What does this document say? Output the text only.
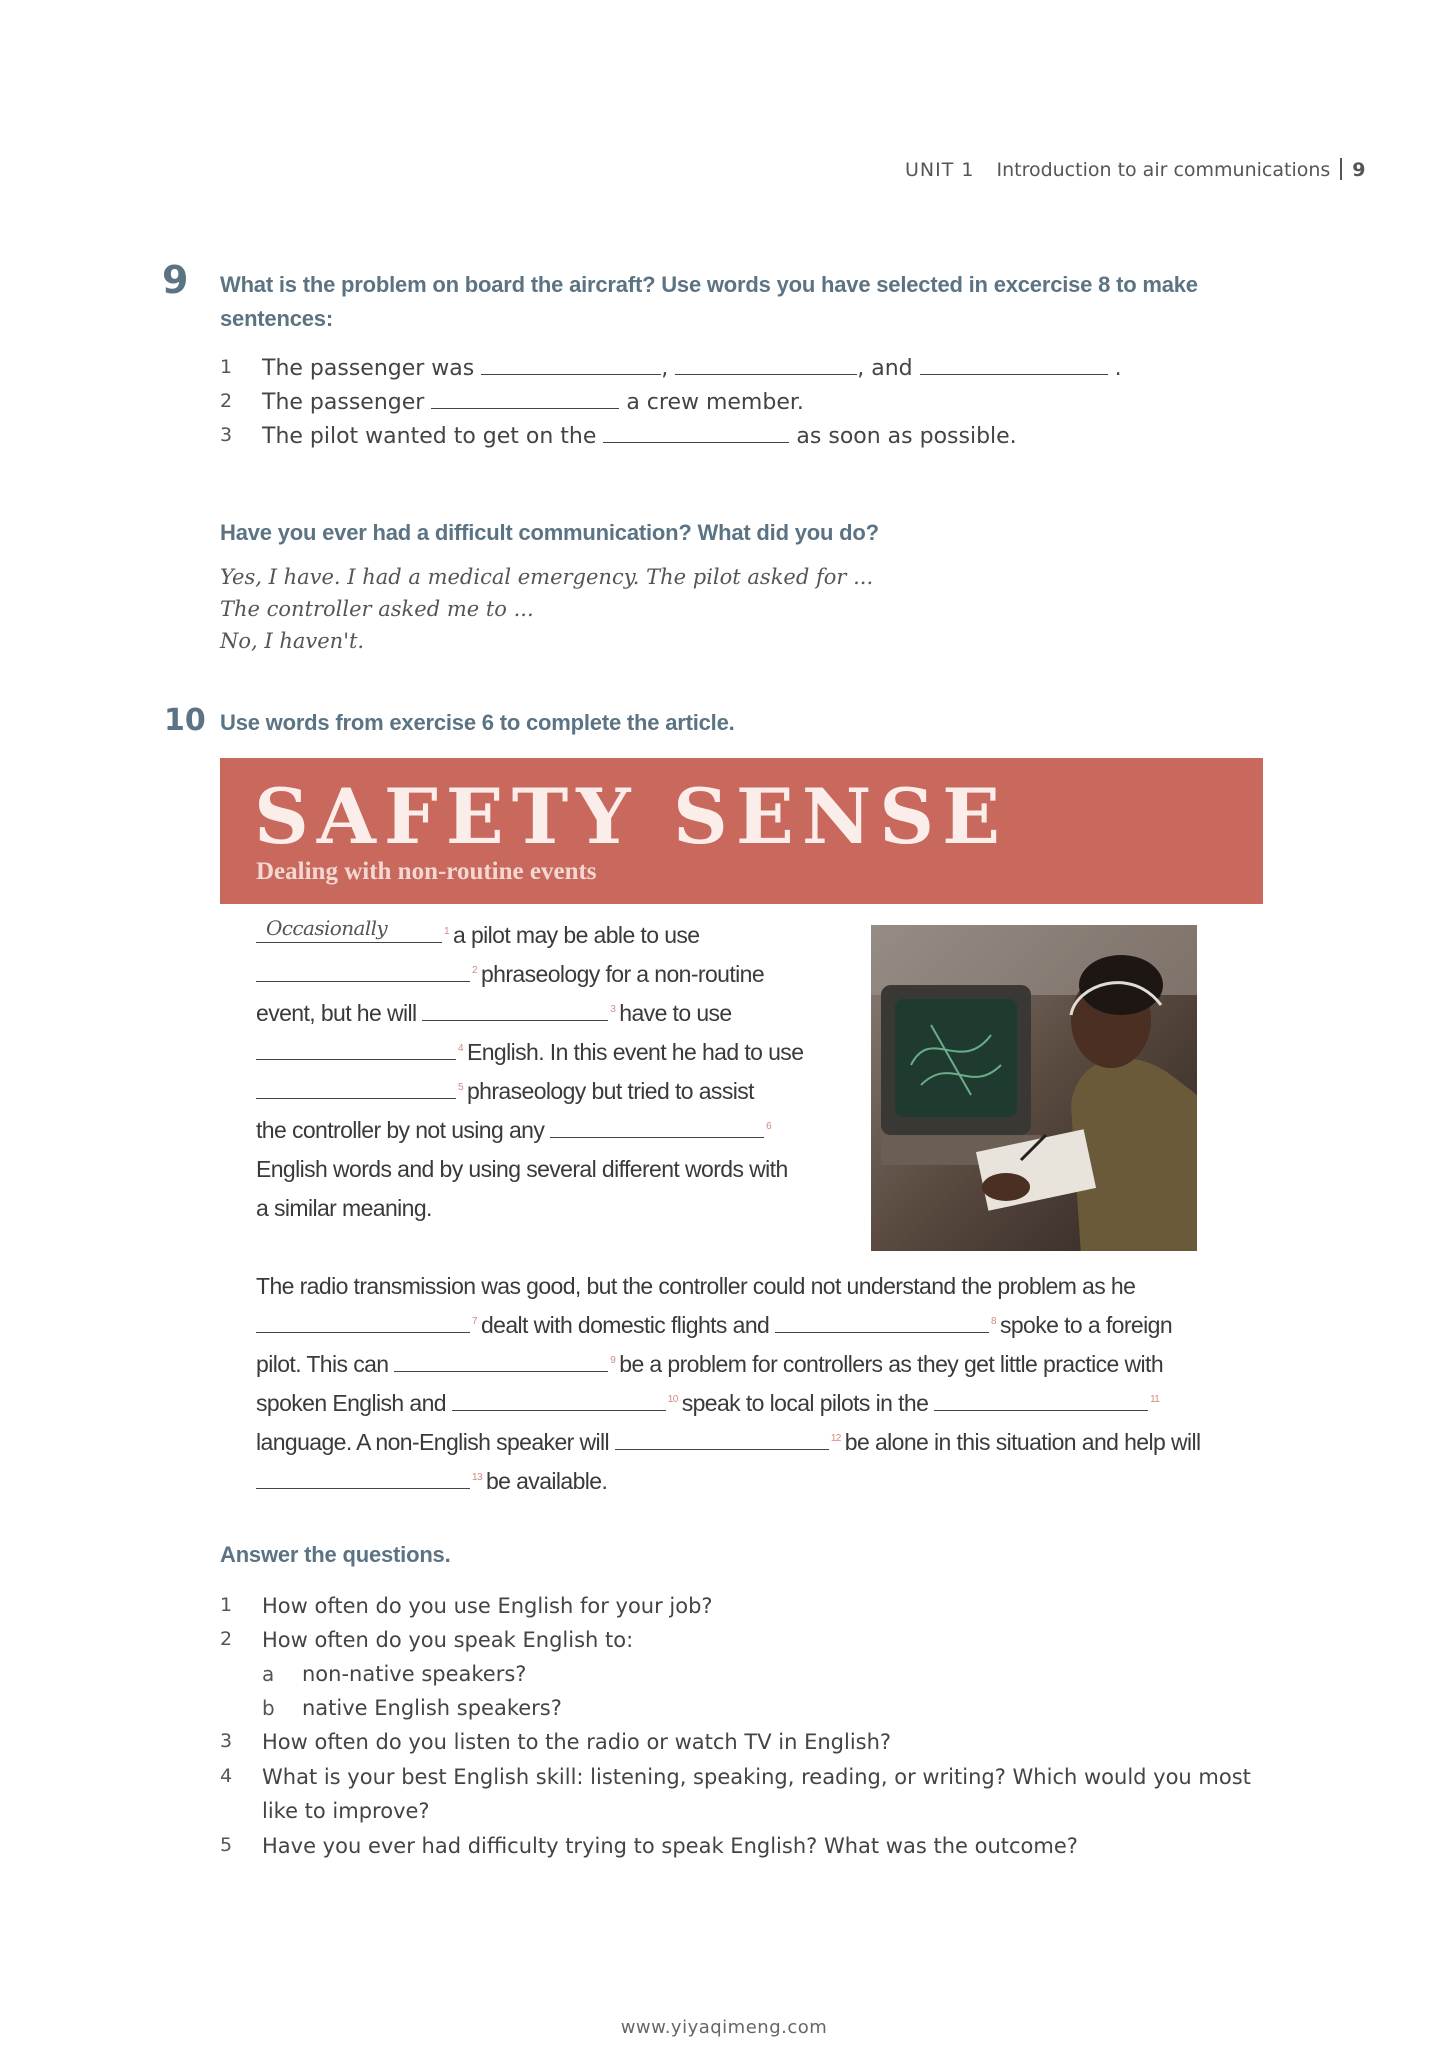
UNIT 1 Introduction to air communications 9
9 What is the problem on board the aircraft? Use words you have selected in excercise 8 to make sentences:
1	The passenger was	,	, and	.
2	The passenger	a crew member.
3	The pilot wanted to get on the	as soon as possible.
Have you ever had a difficult communication? What did you do?
Yes, I have. I had a medical emergency. The pilot asked for ...
The controller asked me to ...
No, I haven't.
10 Use words from exercise 6 to complete the article.
SAFETY SENSE
Dealing with non-routine events
Occasionally	$^1$ a pilot may be able to use
$^2$ phraseology for a non-routine
event, but he will	$^3$ have to use
$^4$ English. In this event he had to use
$^5$ phraseology but tried to assist
the controller by not using any	$^6$
English words and by using several different words with
a similar meaning.
The radio transmission was good, but the controller could not understand the problem as he
$^7$ dealt with domestic flights and	$^8$ spoke to a foreign
pilot. This can	$^9$ be a problem for controllers as they get little practice with
spoken English and	$^{10}$ speak to local pilots in the	$^{11}$
language. A non-English speaker will	$^{12}$ be alone in this situation and help will
$^{13}$ be available.
Answer the questions.
1 How often do you use English for your job?
2 How often do you speak English to:
a non-native speakers?
b native English speakers?
3 How often do you listen to the radio or watch TV in English?
4 What is your best English skill: listening, speaking, reading, or writing? Which would you most
like to improve?
5 Have you ever had difficulty trying to speak English? What was the outcome?
www.yiyaqimeng.com
